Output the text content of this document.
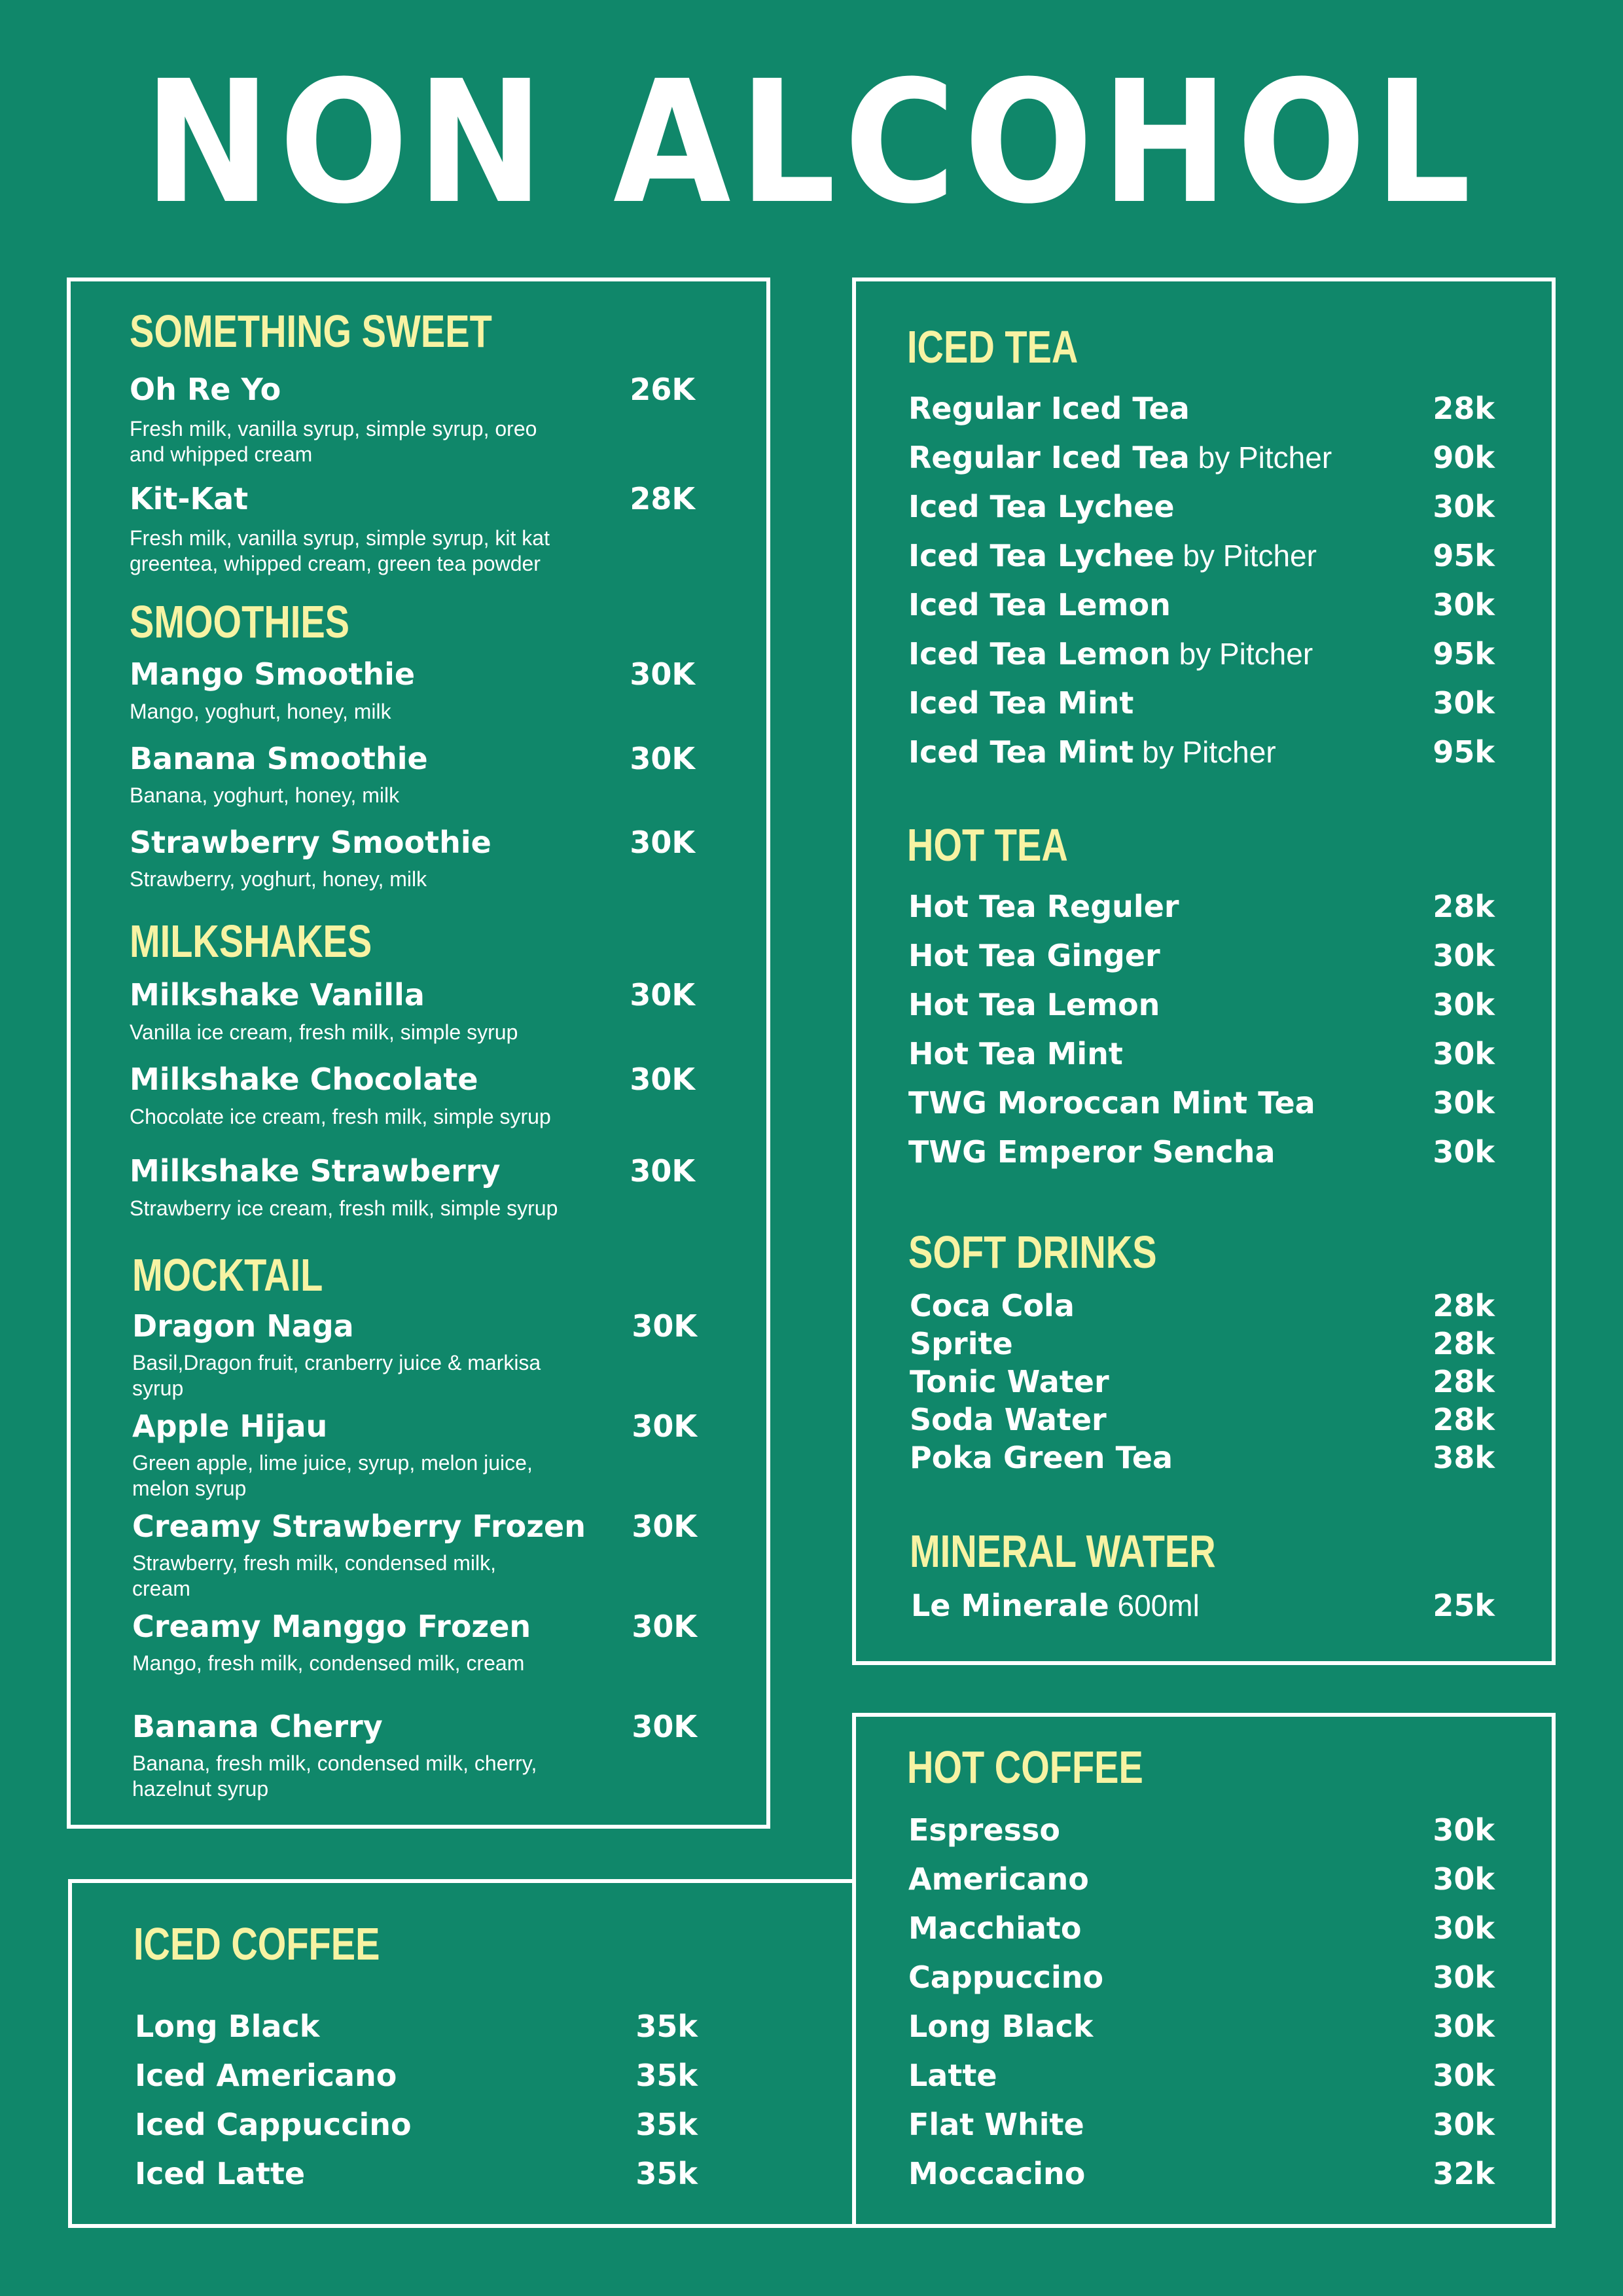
NON ALCOHOL
SOMETHING SWEET
Oh Re Yo	26K
Fresh milk, vanilla syrup, simple syrup, oreo and whipped cream
Kit-Kat	28K
Fresh milk, vanilla syrup, simple syrup, kit kat greentea, whipped cream, green tea powder
SMOOTHIES
Mango Smoothie	30K
Mango, yoghurt, honey, milk
Banana Smoothie	30K
Banana, yoghurt, honey, milk
Strawberry Smoothie	30K
Strawberry, yoghurt, honey, milk
MILKSHAKES
Milkshake Vanilla	30K
Vanilla ice cream, fresh milk, simple syrup
Milkshake Chocolate	30K
Chocolate ice cream, fresh milk, simple syrup
Milkshake Strawberry	30K
Strawberry ice cream, fresh milk, simple syrup
MOCKTAIL
Dragon Naga	30K
Basil,Dragon fruit, cranberry juice & markisa syrup
Apple Hijau	30K
Green apple, lime juice, syrup, melon juice, melon syrup
Creamy Strawberry Frozen	30K
Strawberry, fresh milk, condensed milk, cream
Creamy Manggo Frozen	30K
Mango, fresh milk, condensed milk, cream
Banana Cherry	30K
Banana, fresh milk, condensed milk, cherry, hazelnut syrup
ICED TEA
Regular Iced Tea	28k
Regular Iced Tea by Pitcher	90k
Iced Tea Lychee	30k
Iced Tea Lychee by Pitcher	95k
Iced Tea Lemon	30k
Iced Tea Lemon by Pitcher	95k
Iced Tea Mint	30k
Iced Tea Mint by Pitcher	95k
HOT TEA
Hot Tea Reguler	28k
Hot Tea Ginger	30k
Hot Tea Lemon	30k
Hot Tea Mint	30k
TWG Moroccan Mint Tea	30k
TWG Emperor Sencha	30k
SOFT DRINKS
Coca Cola	28k
Sprite	28k
Tonic Water	28k
Soda Water	28k
Poka Green Tea	38k
MINERAL WATER
Le Minerale 600ml	25k
HOT COFFEE
Espresso	30k
Americano	30k
Macchiato	30k
Cappuccino	30k
Long Black	30k
Latte	30k
Flat White	30k
Moccacino	32k
ICED COFFEE
Long Black	35k
Iced Americano	35k
Iced Cappuccino	35k
Iced Latte	35k
